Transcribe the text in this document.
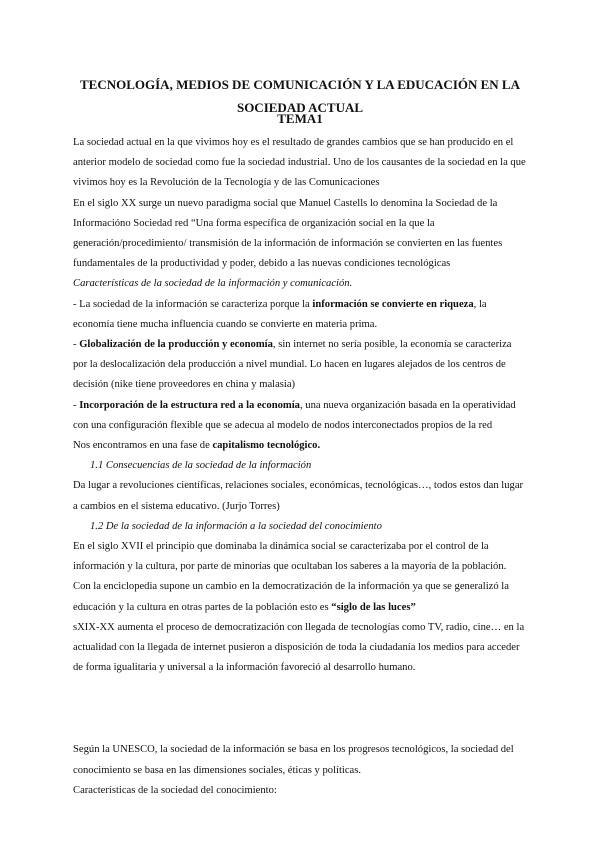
TECNOLOGÍA, MEDIOS DE COMUNICACIÓN Y LA EDUCACIÓN EN LA SOCIEDAD ACTUAL
TEMA1

La sociedad actual en la que vivimos hoy es el resultado de grandes cambios que se han producido en el anterior modelo de sociedad como fue la sociedad industrial. Uno de los causantes de la sociedad en la que vivimos hoy es la Revolución de la Tecnología y de las Comunicaciones

En el siglo XX surge un nuevo paradigma social que Manuel Castells lo denomina la Sociedad de la Informacióno Sociedad red “Una forma específica de organización social en la que la generación/procedimiento/ transmisión de la información de información se convierten en las fuentes fundamentales de la productividad y poder, debido a las nuevas condiciones tecnológicas

Características de la sociedad de la información y comunicación.

- La sociedad de la información se caracteriza porque la información se convierte en riqueza, la economía tiene mucha influencia cuando se convierte en materia prima.

- Globalización de la producción y economía, sin internet no sería posible, la economía se caracteriza por la deslocalización dela producción a nivel mundial. Lo hacen en lugares alejados de los centros de decisión (nike tiene proveedores en china y malasia)

- Incorporación de la estructura red a la economía, una nueva organización basada en la operatividad con una configuración flexible que se adecua al modelo de nodos interconectados propios de la red

Nos encontramos en una fase de capitalismo tecnológico.

1.1 Consecuencias de la sociedad de la información

Da lugar a revoluciones científicas, relaciones sociales, económicas, tecnológicas…, todos estos dan lugar a cambios en el sistema educativo. (Jurjo Torres)

1.2 De la sociedad de la información a la sociedad del conocimiento

En el siglo XVII el principio que dominaba la dinámica social se caracterizaba por el control de la información y la cultura, por parte de minorías que ocultaban los saberes a la mayoría de la población.

Con la enciclopedia supone un cambio en la democratización de la información ya que se generalizó la educación y la cultura en otras partes de la población esto es “siglo de las luces”

sXIX-XX aumenta el proceso de democratización con llegada de tecnologías como TV, radio, cine… en la actualidad con la llegada de internet pusieron a disposición de toda la ciudadanía los medios para acceder de forma igualitaria y universal a la información favoreció al desarrollo humano.

Según la UNESCO, la sociedad de la información se basa en los progresos tecnológicos, la sociedad del conocimiento se basa en las dimensiones sociales, éticas y políticas.

Características de la sociedad del conocimiento:
